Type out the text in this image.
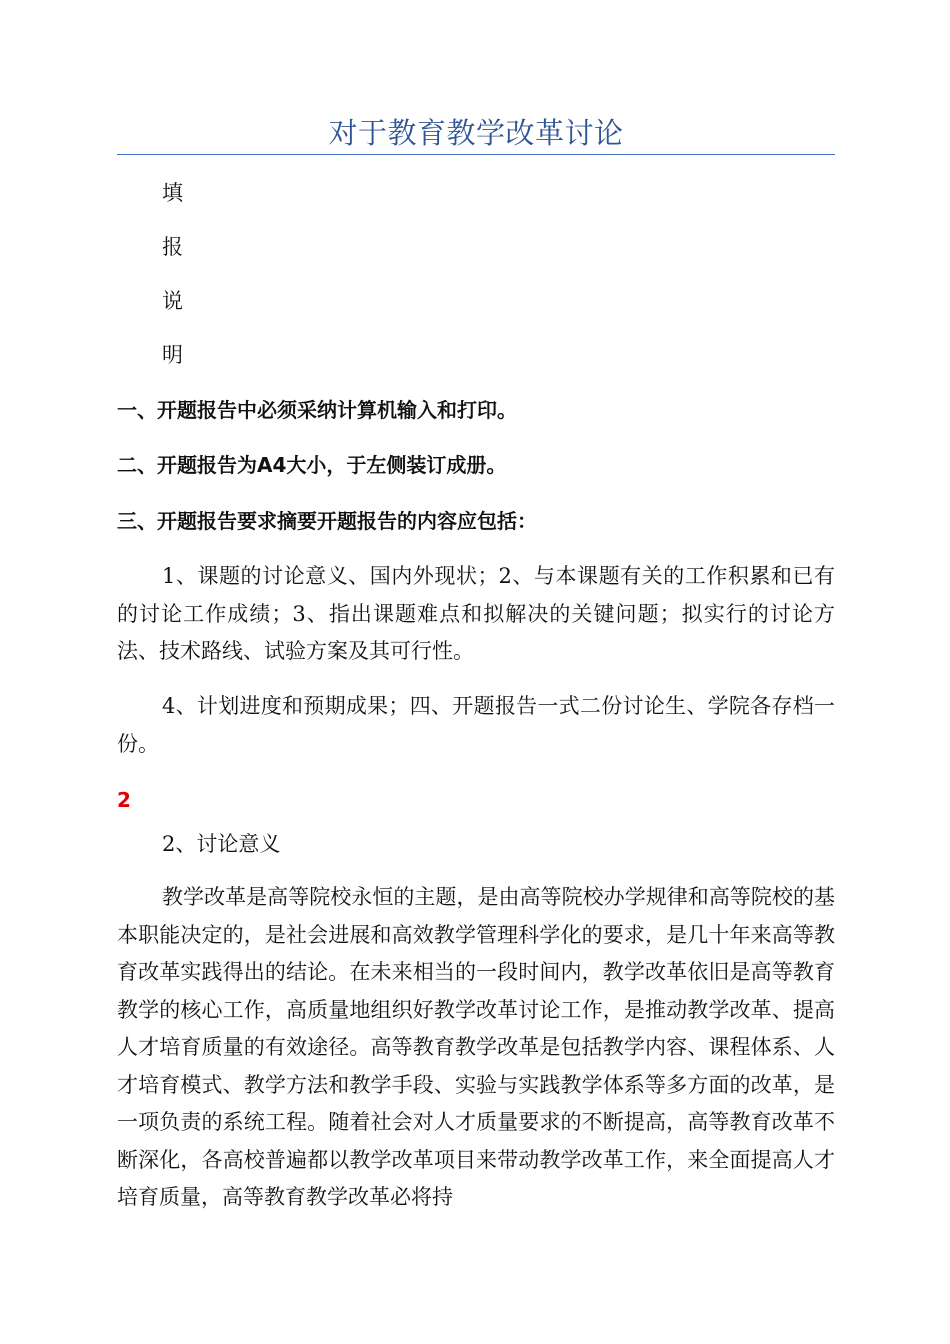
对于教育教学改革讨论
填
报
说
明
一、开题报告中必须采纳计算机输入和打印。
二、开题报告为A4大小，于左侧装订成册。
三、开题报告要求摘要开题报告的内容应包括：

1、课题的讨论意义、国内外现状；2、与本课题有关的工作积累和已有的讨论工作成绩；3、指出课题难点和拟解决的关键问题；拟实行的讨论方法、技术路线、试验方案及其可行性。

4、计划进度和预期成果；四、开题报告一式二份讨论生、学院各存档一份。

2
2、讨论意义

教学改革是高等院校永恒的主题，是由高等院校办学规律和高等院校的基本职能决定的，是社会进展和高效教学管理科学化的要求，是几十年来高等教育改革实践得出的结论。在未来相当的一段时间内，教学改革依旧是高等教育教学的核心工作，高质量地组织好教学改革讨论工作，是推动教学改革、提高人才培育质量的有效途径。高等教育教学改革是包括教学内容、课程体系、人才培育模式、教学方法和教学手段、实验与实践教学体系等多方面的改革，是一项负责的系统工程。随着社会对人才质量要求的不断提高，高等教育改革不断深化，各高校普遍都以教学改革项目来带动教学改革工作，来全面提高人才培育质量，高等教育教学改革必将持
